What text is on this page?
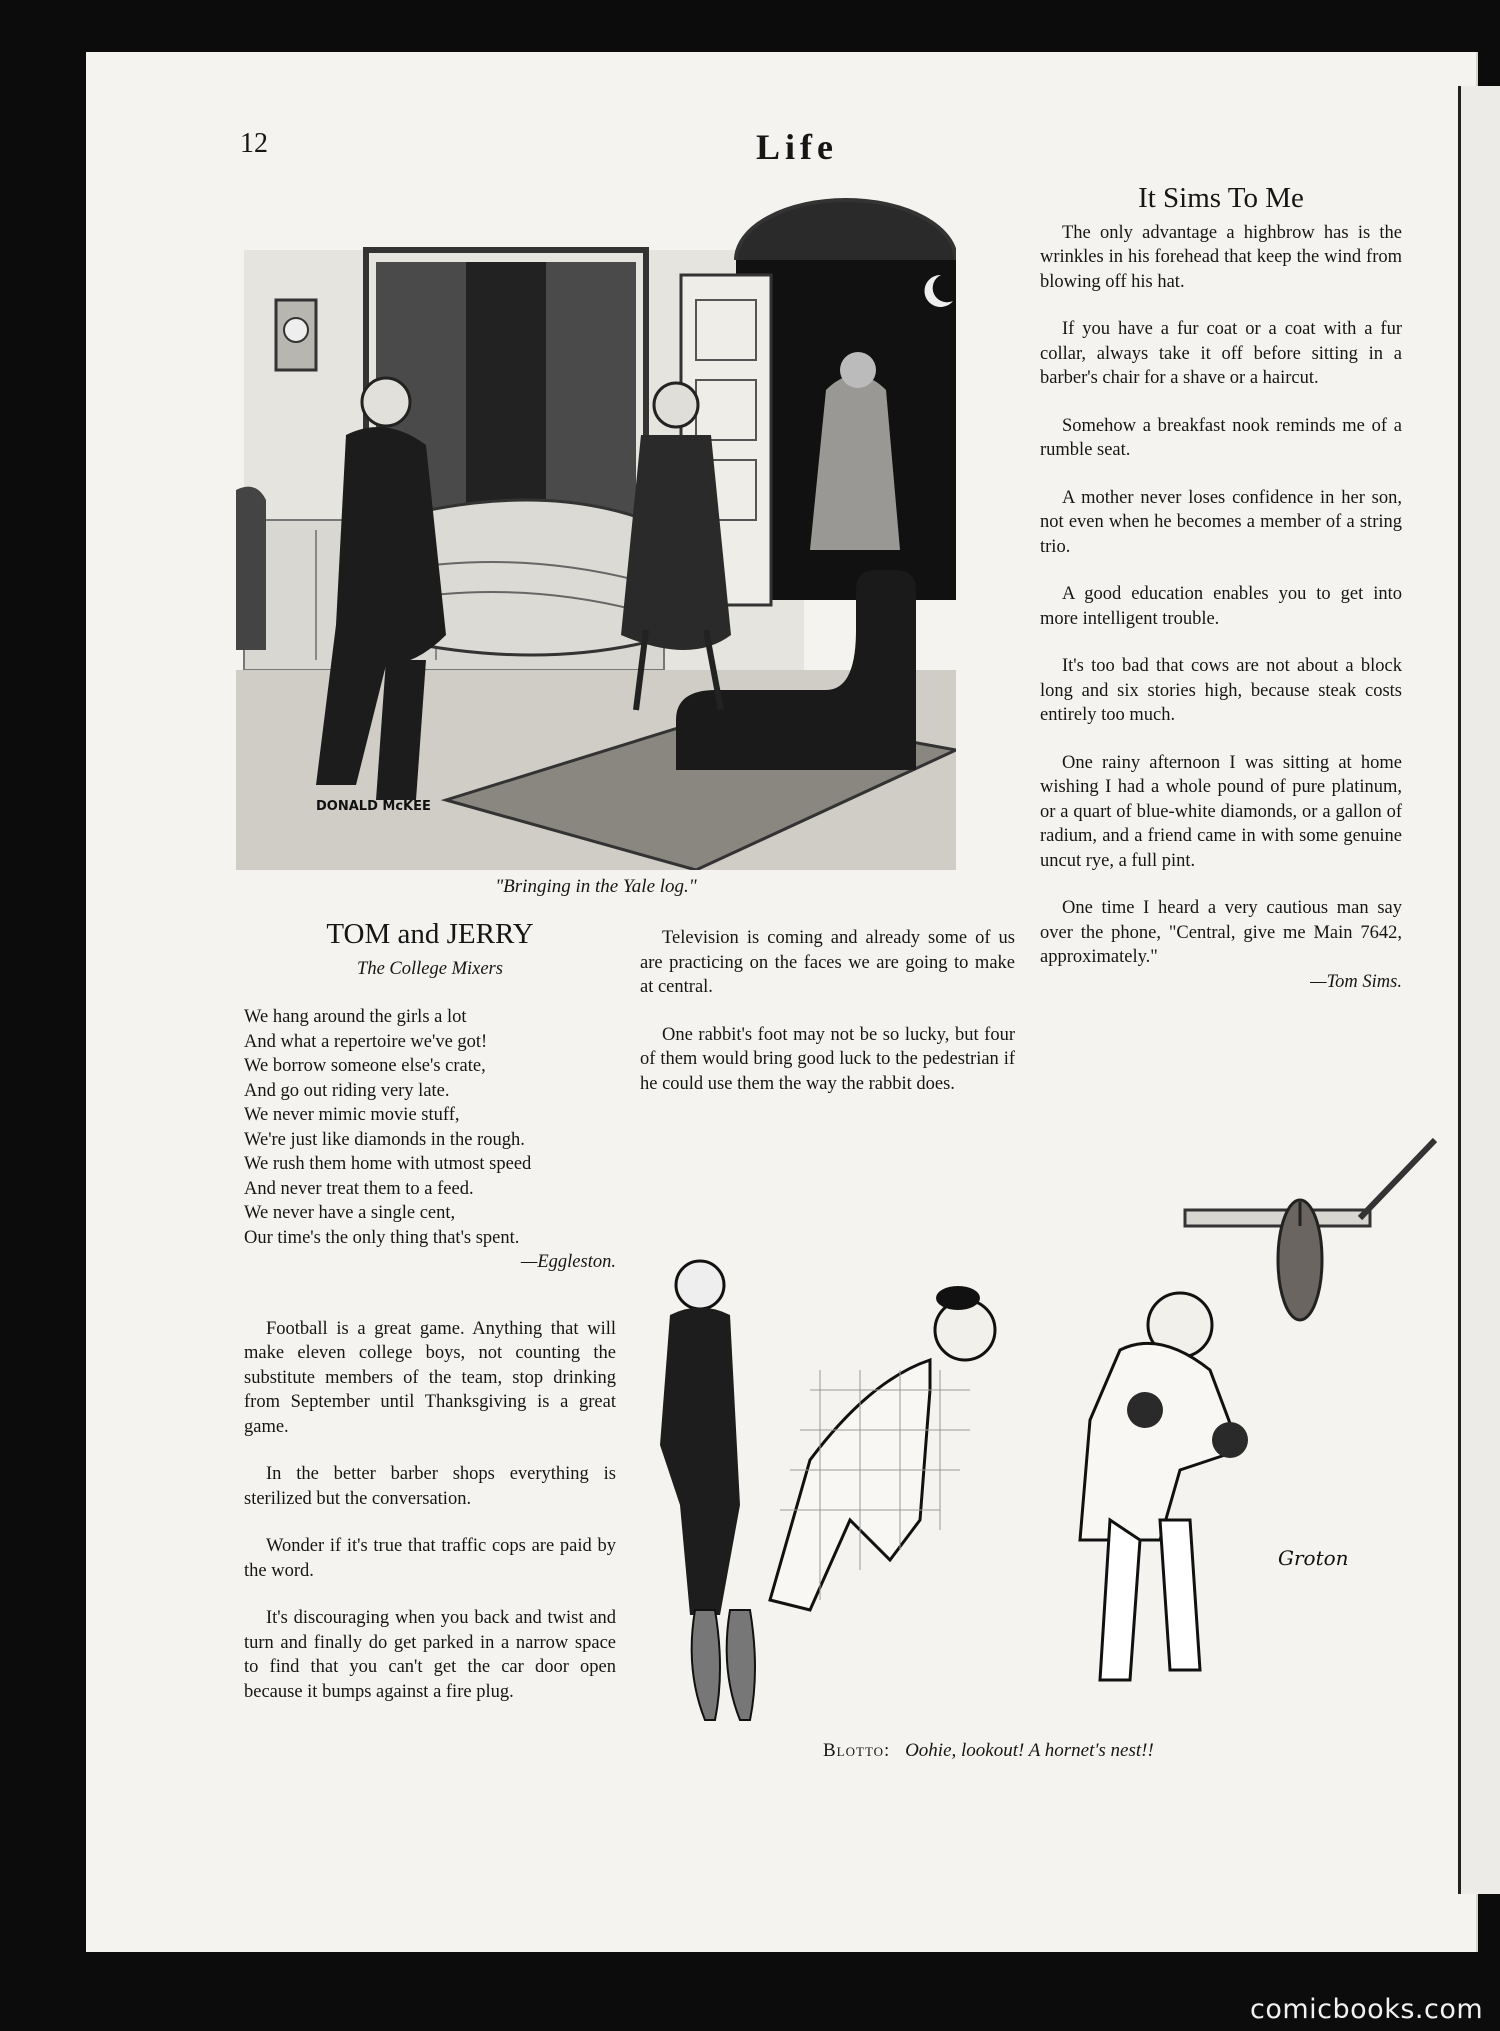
12	Life
DONALD McKEE
"Bringing in the Yale log."
It Sims To Me

The only advantage a highbrow has is the wrinkles in his forehead that keep the wind from blowing off his hat.

If you have a fur coat or a coat with a fur collar, always take it off before sitting in a barber's chair for a shave or a haircut.

Somehow a breakfast nook reminds me of a rumble seat.

A mother never loses confidence in her son, not even when he becomes a member of a string trio.

A good education enables you to get into more intelligent trouble.

It's too bad that cows are not about a block long and six stories high, because steak costs entirely too much.

One rainy afternoon I was sitting at home wishing I had a whole pound of pure platinum, or a quart of blue-white diamonds, or a gallon of radium, and a friend came in with some genuine uncut rye, a full pint.

One time I heard a very cautious man say over the phone, "Central, give me Main 7642, approximately."

—Tom Sims.
TOM and JERRY
The College Mixers
We hang around the girls a lot
And what a repertoire we've got!
We borrow someone else's crate,
And go out riding very late.
We never mimic movie stuff,
We're just like diamonds in the rough.
We rush them home with utmost speed
And never treat them to a feed.
We never have a single cent,
Our time's the only thing that's spent.
—Eggleston.

Football is a great game. Anything that will make eleven college boys, not counting the substitute members of the team, stop drinking from September until Thanksgiving is a great game.

In the better barber shops everything is sterilized but the conversation.

Wonder if it's true that traffic cops are paid by the word.

It's discouraging when you back and twist and turn and finally do get parked in a narrow space to find that you can't get the car door open because it bumps against a fire plug.

Television is coming and already some of us are practicing on the faces we are going to make at central.

One rabbit's foot may not be so lucky, but four of them would bring good luck to the pedestrian if he could use them the way the rabbit does.

Groton
Blotto: Oohie, lookout! A hornet's nest!!
comicbooks.com
